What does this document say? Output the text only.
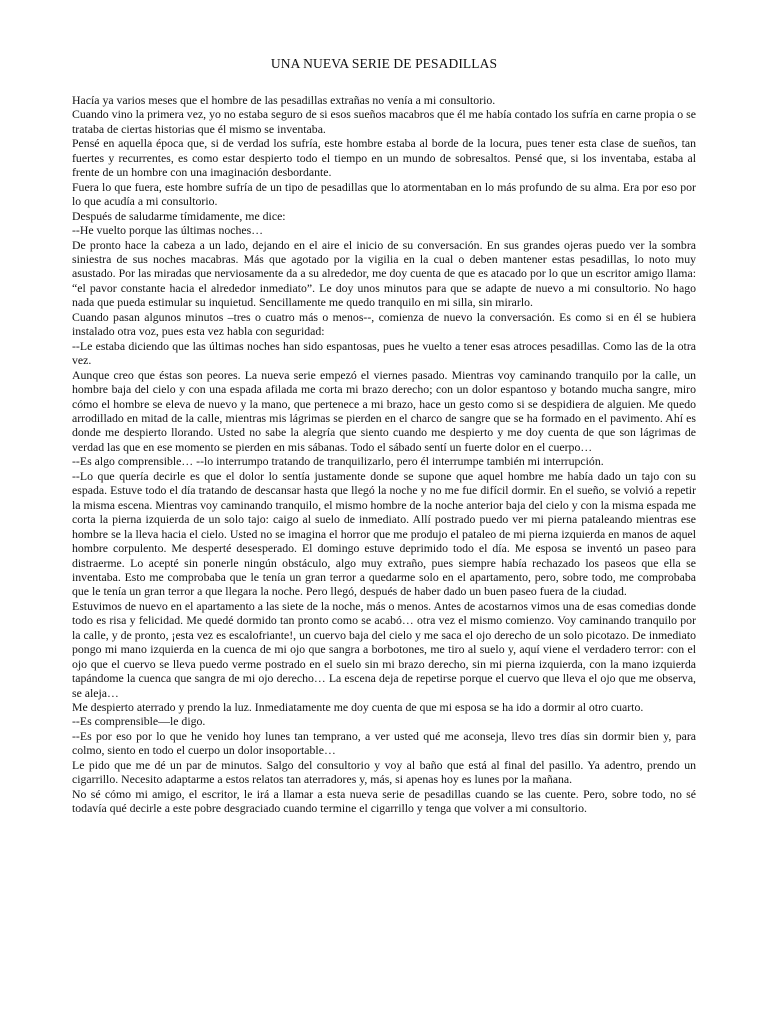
UNA NUEVA SERIE DE PESADILLAS

Hacía ya varios meses que el hombre de las pesadillas extrañas no venía a mi consultorio.

Cuando vino la primera vez, yo no estaba seguro de si esos sueños macabros que él me había contado los sufría en carne propia o se trataba de ciertas historias que él mismo se inventaba.

Pensé en aquella época que, si de verdad los sufría, este hombre estaba al borde de la locura, pues tener esta clase de sueños, tan fuertes y recurrentes, es como estar despierto todo el tiempo en un mundo de sobresaltos. Pensé que, si los inventaba, estaba al frente de un hombre con una imaginación desbordante.

Fuera lo que fuera, este hombre sufría de un tipo de pesadillas que lo atormentaban en lo más profundo de su alma. Era por eso por lo que acudía a mi consultorio.

Después de saludarme tímidamente, me dice:

--He vuelto porque las últimas noches…

De pronto hace la cabeza a un lado, dejando en el aire el inicio de su conversación. En sus grandes ojeras puedo ver la sombra siniestra de sus noches macabras. Más que agotado por la vigilia en la cual o deben mantener estas pesadillas, lo noto muy asustado. Por las miradas que nerviosamente da a su alrededor, me doy cuenta de que es atacado por lo que un escritor amigo llama: “el pavor constante hacia el alrededor inmediato”. Le doy unos minutos para que se adapte de nuevo a mi consultorio. No hago nada que pueda estimular su inquietud. Sencillamente me quedo tranquilo en mi silla, sin mirarlo.

Cuando pasan algunos minutos –tres o cuatro más o menos--, comienza de nuevo la conversación. Es como si en él se hubiera instalado otra voz, pues esta vez habla con seguridad:

--Le estaba diciendo que las últimas noches han sido espantosas, pues he vuelto a tener esas atroces pesadillas. Como las de la otra vez.

Aunque creo que éstas son peores. La nueva serie empezó el viernes pasado. Mientras voy caminando tranquilo por la calle, un hombre baja del cielo y con una espada afilada me corta mi brazo derecho; con un dolor espantoso y botando mucha sangre, miro cómo el hombre se eleva de nuevo y la mano, que pertenece a mi brazo, hace un gesto como si se despidiera de alguien. Me quedo arrodillado en mitad de la calle, mientras mis lágrimas se pierden en el charco de sangre que se ha formado en el pavimento. Ahí es donde me despierto llorando. Usted no sabe la alegría que siento cuando me despierto y me doy cuenta de que son lágrimas de verdad las que en ese momento se pierden en mis sábanas. Todo el sábado sentí un fuerte dolor en el cuerpo…

--Es algo comprensible… --lo interrumpo tratando de tranquilizarlo, pero él interrumpe también mi interrupción.

--Lo que quería decirle es que el dolor lo sentía justamente donde se supone que aquel hombre me había dado un tajo con su espada. Estuve todo el día tratando de descansar hasta que llegó la noche y no me fue difícil dormir. En el sueño, se volvió a repetir la misma escena. Mientras voy caminando tranquilo, el mismo hombre de la noche anterior baja del cielo y con la misma espada me corta la pierna izquierda de un solo tajo: caigo al suelo de inmediato. Allí postrado puedo ver mi pierna pataleando mientras ese hombre se la lleva hacia el cielo. Usted no se imagina el horror que me produjo el pataleo de mi pierna izquierda en manos de aquel hombre corpulento. Me desperté desesperado. El domingo estuve deprimido todo el día. Me esposa se inventó un paseo para distraerme. Lo acepté sin ponerle ningún obstáculo, algo muy extraño, pues siempre había rechazado los paseos que ella se inventaba. Esto me comprobaba que le tenía un gran terror a quedarme solo en el apartamento, pero, sobre todo, me comprobaba que le tenía un gran terror a que llegara la noche. Pero llegó, después de haber dado un buen paseo fuera de la ciudad.

Estuvimos de nuevo en el apartamento a las siete de la noche, más o menos. Antes de acostarnos vimos una de esas comedias donde todo es risa y felicidad. Me quedé dormido tan pronto como se acabó… otra vez el mismo comienzo. Voy caminando tranquilo por la calle, y de pronto, ¡esta vez es escalofriante!, un cuervo baja del cielo y me saca el ojo derecho de un solo picotazo. De inmediato pongo mi mano izquierda en la cuenca de mi ojo que sangra a borbotones, me tiro al suelo y, aquí viene el verdadero terror: con el ojo que el cuervo se lleva puedo verme postrado en el suelo sin mi brazo derecho, sin mi pierna izquierda, con la mano izquierda tapándome la cuenca que sangra de mi ojo derecho… La escena deja de repetirse porque el cuervo que lleva el ojo que me observa, se aleja…

Me despierto aterrado y prendo la luz. Inmediatamente me doy cuenta de que mi esposa se ha ido a dormir al otro cuarto.

--Es comprensible—le digo.

--Es por eso por lo que he venido hoy lunes tan temprano, a ver usted qué me aconseja, llevo tres días sin dormir bien y, para colmo, siento en todo el cuerpo un dolor insoportable…

Le pido que me dé un par de minutos. Salgo del consultorio y voy al baño que está al final del pasillo. Ya adentro, prendo un cigarrillo. Necesito adaptarme a estos relatos tan aterradores y, más, si apenas hoy es lunes por la mañana.

No sé cómo mi amigo, el escritor, le irá a llamar a esta nueva serie de pesadillas cuando se las cuente. Pero, sobre todo, no sé todavía qué decirle a este pobre desgraciado cuando termine el cigarrillo y tenga que volver a mi consultorio.
